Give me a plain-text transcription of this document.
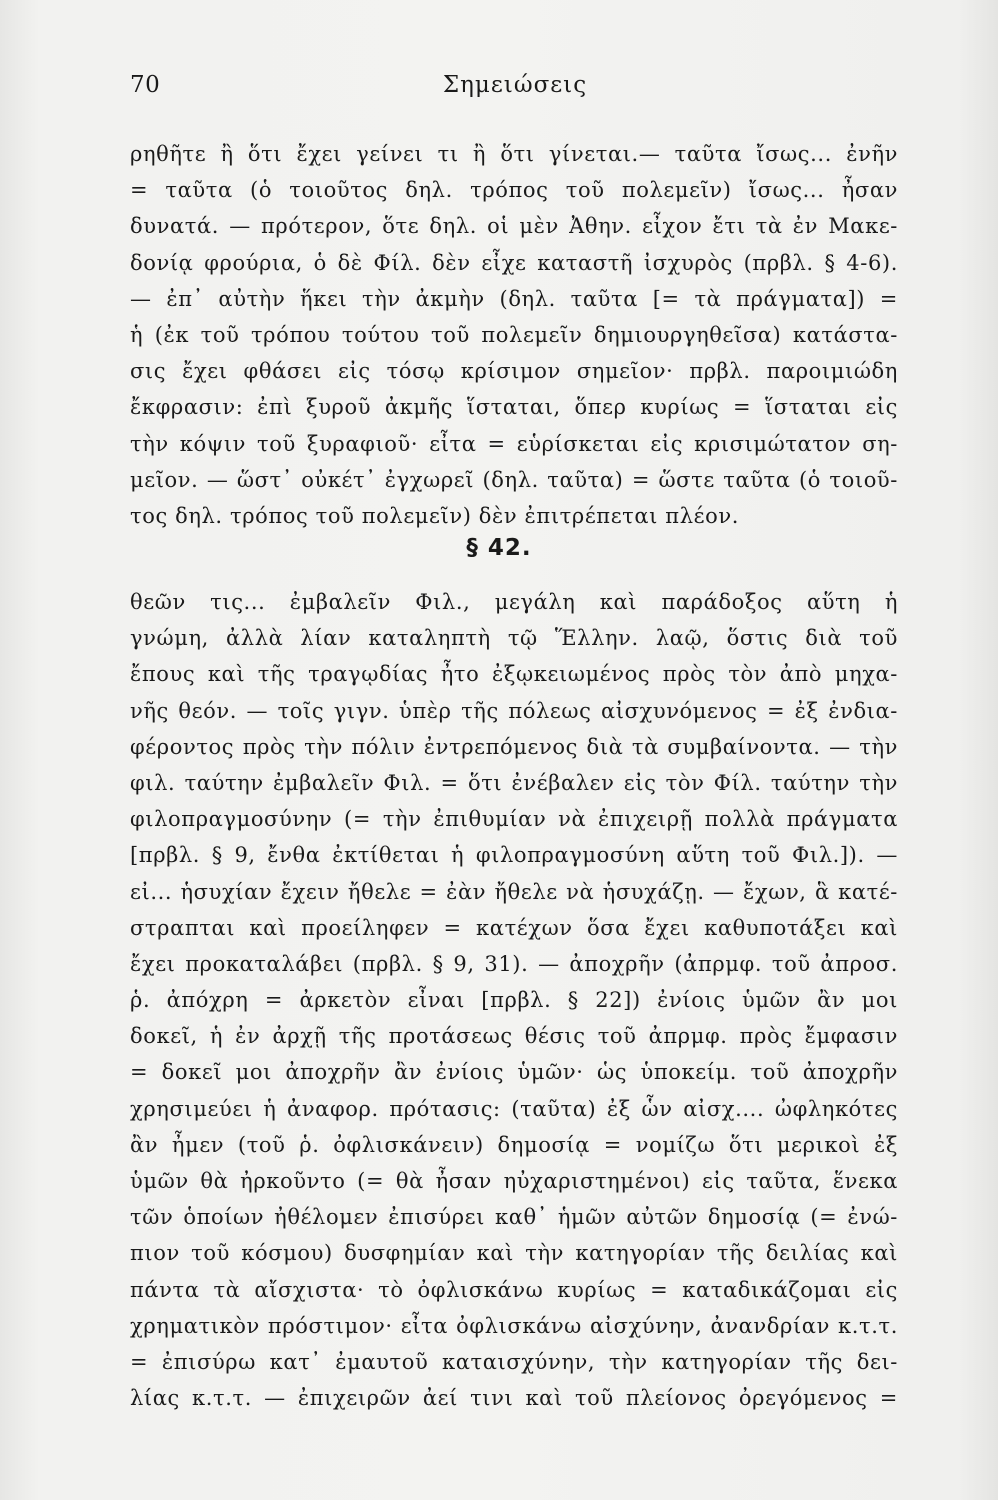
70	Σημειώσεις
ρηθῆτε ἢ ὅτι ἔχει γείνει τι ἢ ὅτι γίνεται.— ταῦτα ἴσως... ἐνῆν
= ταῦτα (ὁ τοιοῦτος δηλ. τρόπος τοῦ πολεμεῖν) ἴσως... ἦσαν
δυνατά. — πρότερον, ὅτε δηλ. οἱ μὲν Ἀθην. εἶχον ἔτι τὰ ἐν Μακε-
δονίᾳ φρούρια, ὁ δὲ Φίλ. δὲν εἶχε καταστῆ ἰσχυρὸς (πρβλ. § 4-6).
— ἐπ᾽ αὐτὴν ἥκει τὴν ἀκμὴν (δηλ. ταῦτα [= τὰ πράγματα]) =
ἡ (ἐκ τοῦ τρόπου τούτου τοῦ πολεμεῖν δημιουργηθεῖσα) κατάστα-
σις ἔχει φθάσει εἰς τόσῳ κρίσιμον σημεῖον· πρβλ. παροιμιώδη
ἔκφρασιν: ἐπὶ ξυροῦ ἀκμῆς ἵσταται, ὅπερ κυρίως = ἵσταται εἰς
τὴν κόψιν τοῦ ξυραφιοῦ· εἶτα = εὑρίσκεται εἰς κρισιμώτατον ση-
μεῖον. — ὥστ᾽ οὐκέτ᾽ ἐγχωρεῖ (δηλ. ταῦτα) = ὥστε ταῦτα (ὁ τοιοῦ-
τος δηλ. τρόπος τοῦ πολεμεῖν) δὲν ἐπιτρέπεται πλέον.
§ 42.
θεῶν τις... ἐμβαλεῖν Φιλ., μεγάλη καὶ παράδοξος αὕτη ἡ
γνώμη, ἀλλὰ λίαν καταληπτὴ τῷ Ἕλλην. λαῷ, ὅστις διὰ τοῦ
ἔπους καὶ τῆς τραγῳδίας ἦτο ἐξῳκειωμένος πρὸς τὸν ἀπὸ μηχα-
νῆς θεόν. — τοῖς γιγν. ὑπὲρ τῆς πόλεως αἰσχυνόμενος = ἐξ ἐνδια-
φέροντος πρὸς τὴν πόλιν ἐντρεπόμενος διὰ τὰ συμβαίνοντα. — τὴν
φιλ. ταύτην ἐμβαλεῖν Φιλ. = ὅτι ἐνέβαλεν εἰς τὸν Φίλ. ταύτην τὴν
φιλοπραγμοσύνην (= τὴν ἐπιθυμίαν νὰ ἐπιχειρῇ πολλὰ πράγματα
[πρβλ. § 9, ἔνθα ἐκτίθεται ἡ φιλοπραγμοσύνη αὕτη τοῦ Φιλ.]). —
εἰ... ἡσυχίαν ἔχειν ἤθελε = ἐὰν ἤθελε νὰ ἡσυχάζῃ. — ἔχων, ἃ κατέ-
στραπται καὶ προείληφεν = κατέχων ὅσα ἔχει καθυποτάξει καὶ
ἔχει προκαταλάβει (πρβλ. § 9, 31). — ἀποχρῆν (ἀπρμφ. τοῦ ἀπροσ.
ῥ. ἀπόχρη = ἀρκετὸν εἶναι [πρβλ. § 22]) ἐνίοις ὑμῶν ἂν μοι
δοκεῖ, ἡ ἐν ἀρχῇ τῆς προτάσεως θέσις τοῦ ἀπρμφ. πρὸς ἔμφασιν
= δοκεῖ μοι ἀποχρῆν ἂν ἐνίοις ὑμῶν· ὡς ὑποκείμ. τοῦ ἀποχρῆν
χρησιμεύει ἡ ἀναφορ. πρότασις: (ταῦτα) ἐξ ὧν αἰσχ.... ὠφληκότες
ἂν ἦμεν (τοῦ ῥ. ὀφλισκάνειν) δημοσίᾳ = νομίζω ὅτι μερικοὶ ἐξ
ὑμῶν θὰ ἠρκοῦντο (= θὰ ἦσαν ηὐχαριστημένοι) εἰς ταῦτα, ἕνεκα
τῶν ὁποίων ἠθέλομεν ἐπισύρει καθ᾽ ἡμῶν αὐτῶν δημοσίᾳ (= ἐνώ-
πιον τοῦ κόσμου) δυσφημίαν καὶ τὴν κατηγορίαν τῆς δειλίας καὶ
πάντα τὰ αἴσχιστα· τὸ ὀφλισκάνω κυρίως = καταδικάζομαι εἰς
χρηματικὸν πρόστιμον· εἶτα ὀφλισκάνω αἰσχύνην, ἀνανδρίαν κ.τ.τ.
= ἐπισύρω κατ᾽ ἐμαυτοῦ καταισχύνην, τὴν κατηγορίαν τῆς δει-
λίας κ.τ.τ. — ἐπιχειρῶν ἀεί τινι καὶ τοῦ πλείονος ὀρεγόμενος =
